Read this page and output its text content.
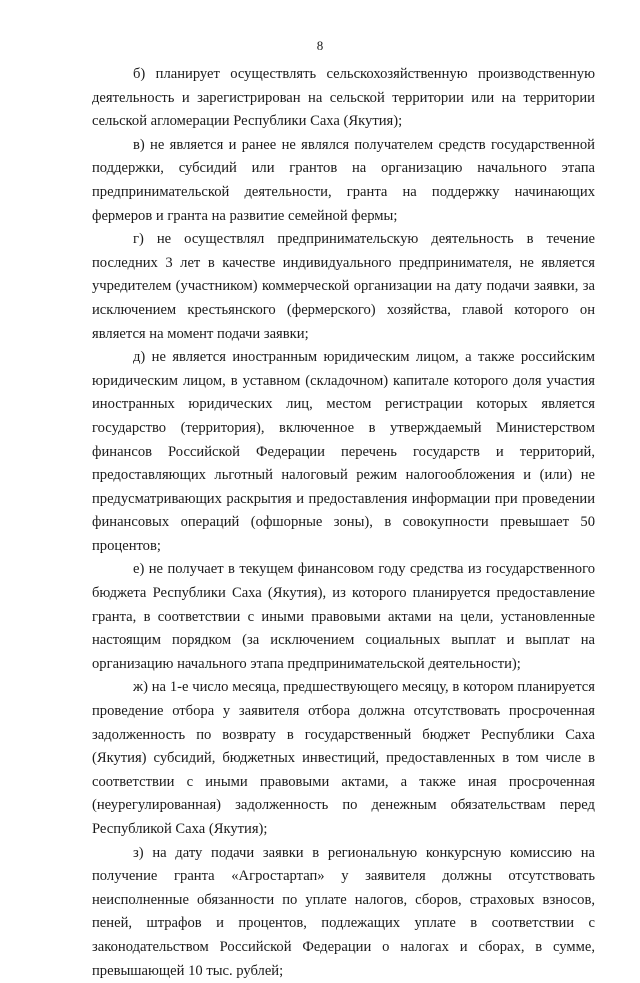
8

б) планирует осуществлять сельскохозяйственную производственную деятельность и зарегистрирован на сельской территории или на территории сельской агломерации Республики Саха (Якутия);

в) не является и ранее не являлся получателем средств государственной поддержки, субсидий или грантов на организацию начального этапа предпринимательской деятельности, гранта на поддержку начинающих фермеров и гранта на развитие семейной фермы;

г) не осуществлял предпринимательскую деятельность в течение последних 3 лет в качестве индивидуального предпринимателя, не является учредителем (участником) коммерческой организации на дату подачи заявки, за исключением крестьянского (фермерского) хозяйства, главой которого он является на момент подачи заявки;

д) не является иностранным юридическим лицом, а также российским юридическим лицом, в уставном (складочном) капитале которого доля участия иностранных юридических лиц, местом регистрации которых является государство (территория), включенное в утверждаемый Министерством финансов Российской Федерации перечень государств и территорий, предоставляющих льготный налоговый режим налогообложения и (или) не предусматривающих раскрытия и предоставления информации при проведении финансовых операций (офшорные зоны), в совокупности превышает 50 процентов;

е) не получает в текущем финансовом году средства из государственного бюджета Республики Саха (Якутия), из которого планируется предоставление гранта, в соответствии с иными правовыми актами на цели, установленные настоящим порядком (за исключением социальных выплат и выплат на организацию начального этапа предпринимательской деятельности);

ж) на 1-е число месяца, предшествующего месяцу, в котором планируется проведение отбора у заявителя отбора должна отсутствовать просроченная задолженность по возврату в государственный бюджет Республики Саха (Якутия) субсидий, бюджетных инвестиций, предоставленных в том числе в соответствии с иными правовыми актами, а также иная просроченная (неурегулированная) задолженность по денежным обязательствам перед Республикой Саха (Якутия);

з) на дату подачи заявки в региональную конкурсную комиссию на получение гранта «Агростартап» у заявителя должны отсутствовать неисполненные обязанности по уплате налогов, сборов, страховых взносов, пеней, штрафов и процентов, подлежащих уплате в соответствии с законодательством Российской Федерации о налогах и сборах, в сумме, превышающей 10 тыс. рублей;
